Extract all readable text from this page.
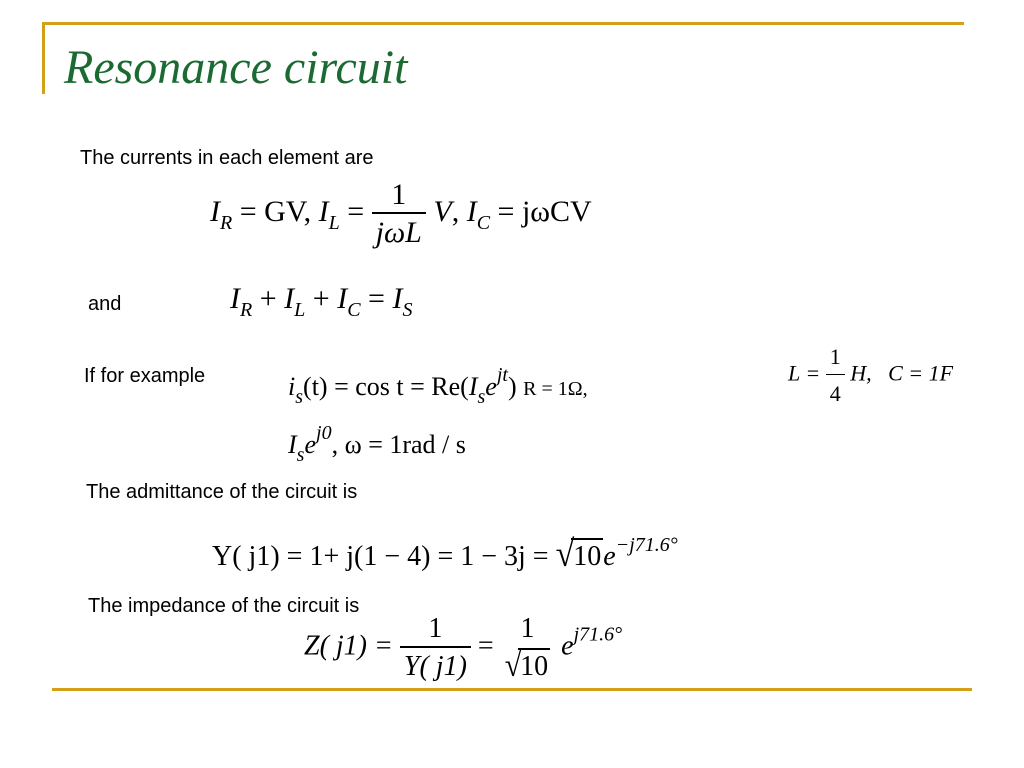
Resonance circuit
The currents in each element are
$I_R$ = GV, $I_L = \frac{1}{\text{jωL}} V$, $I_C = j\omega CV$
and	$I_R + I_L + I_C = I_S$
If for example	$i_s(t) = \cos t = Re(I_se^{jt}) R = 1\Omega$,
$L = \frac{1}{4} H$, C = 1F
$I_se^{j0}$, ω = 1rad / s
The admittance of the circuit is
Y( $j1) = 1+ j(1 - 4) = 1 - 3j = √10e^{-j71.6^\circ}$
The impedance of the circuit is
Z( $j1) = \frac{1}{Y( j1)}$ =
1
√10
$e^{j71.6^\circ}$
